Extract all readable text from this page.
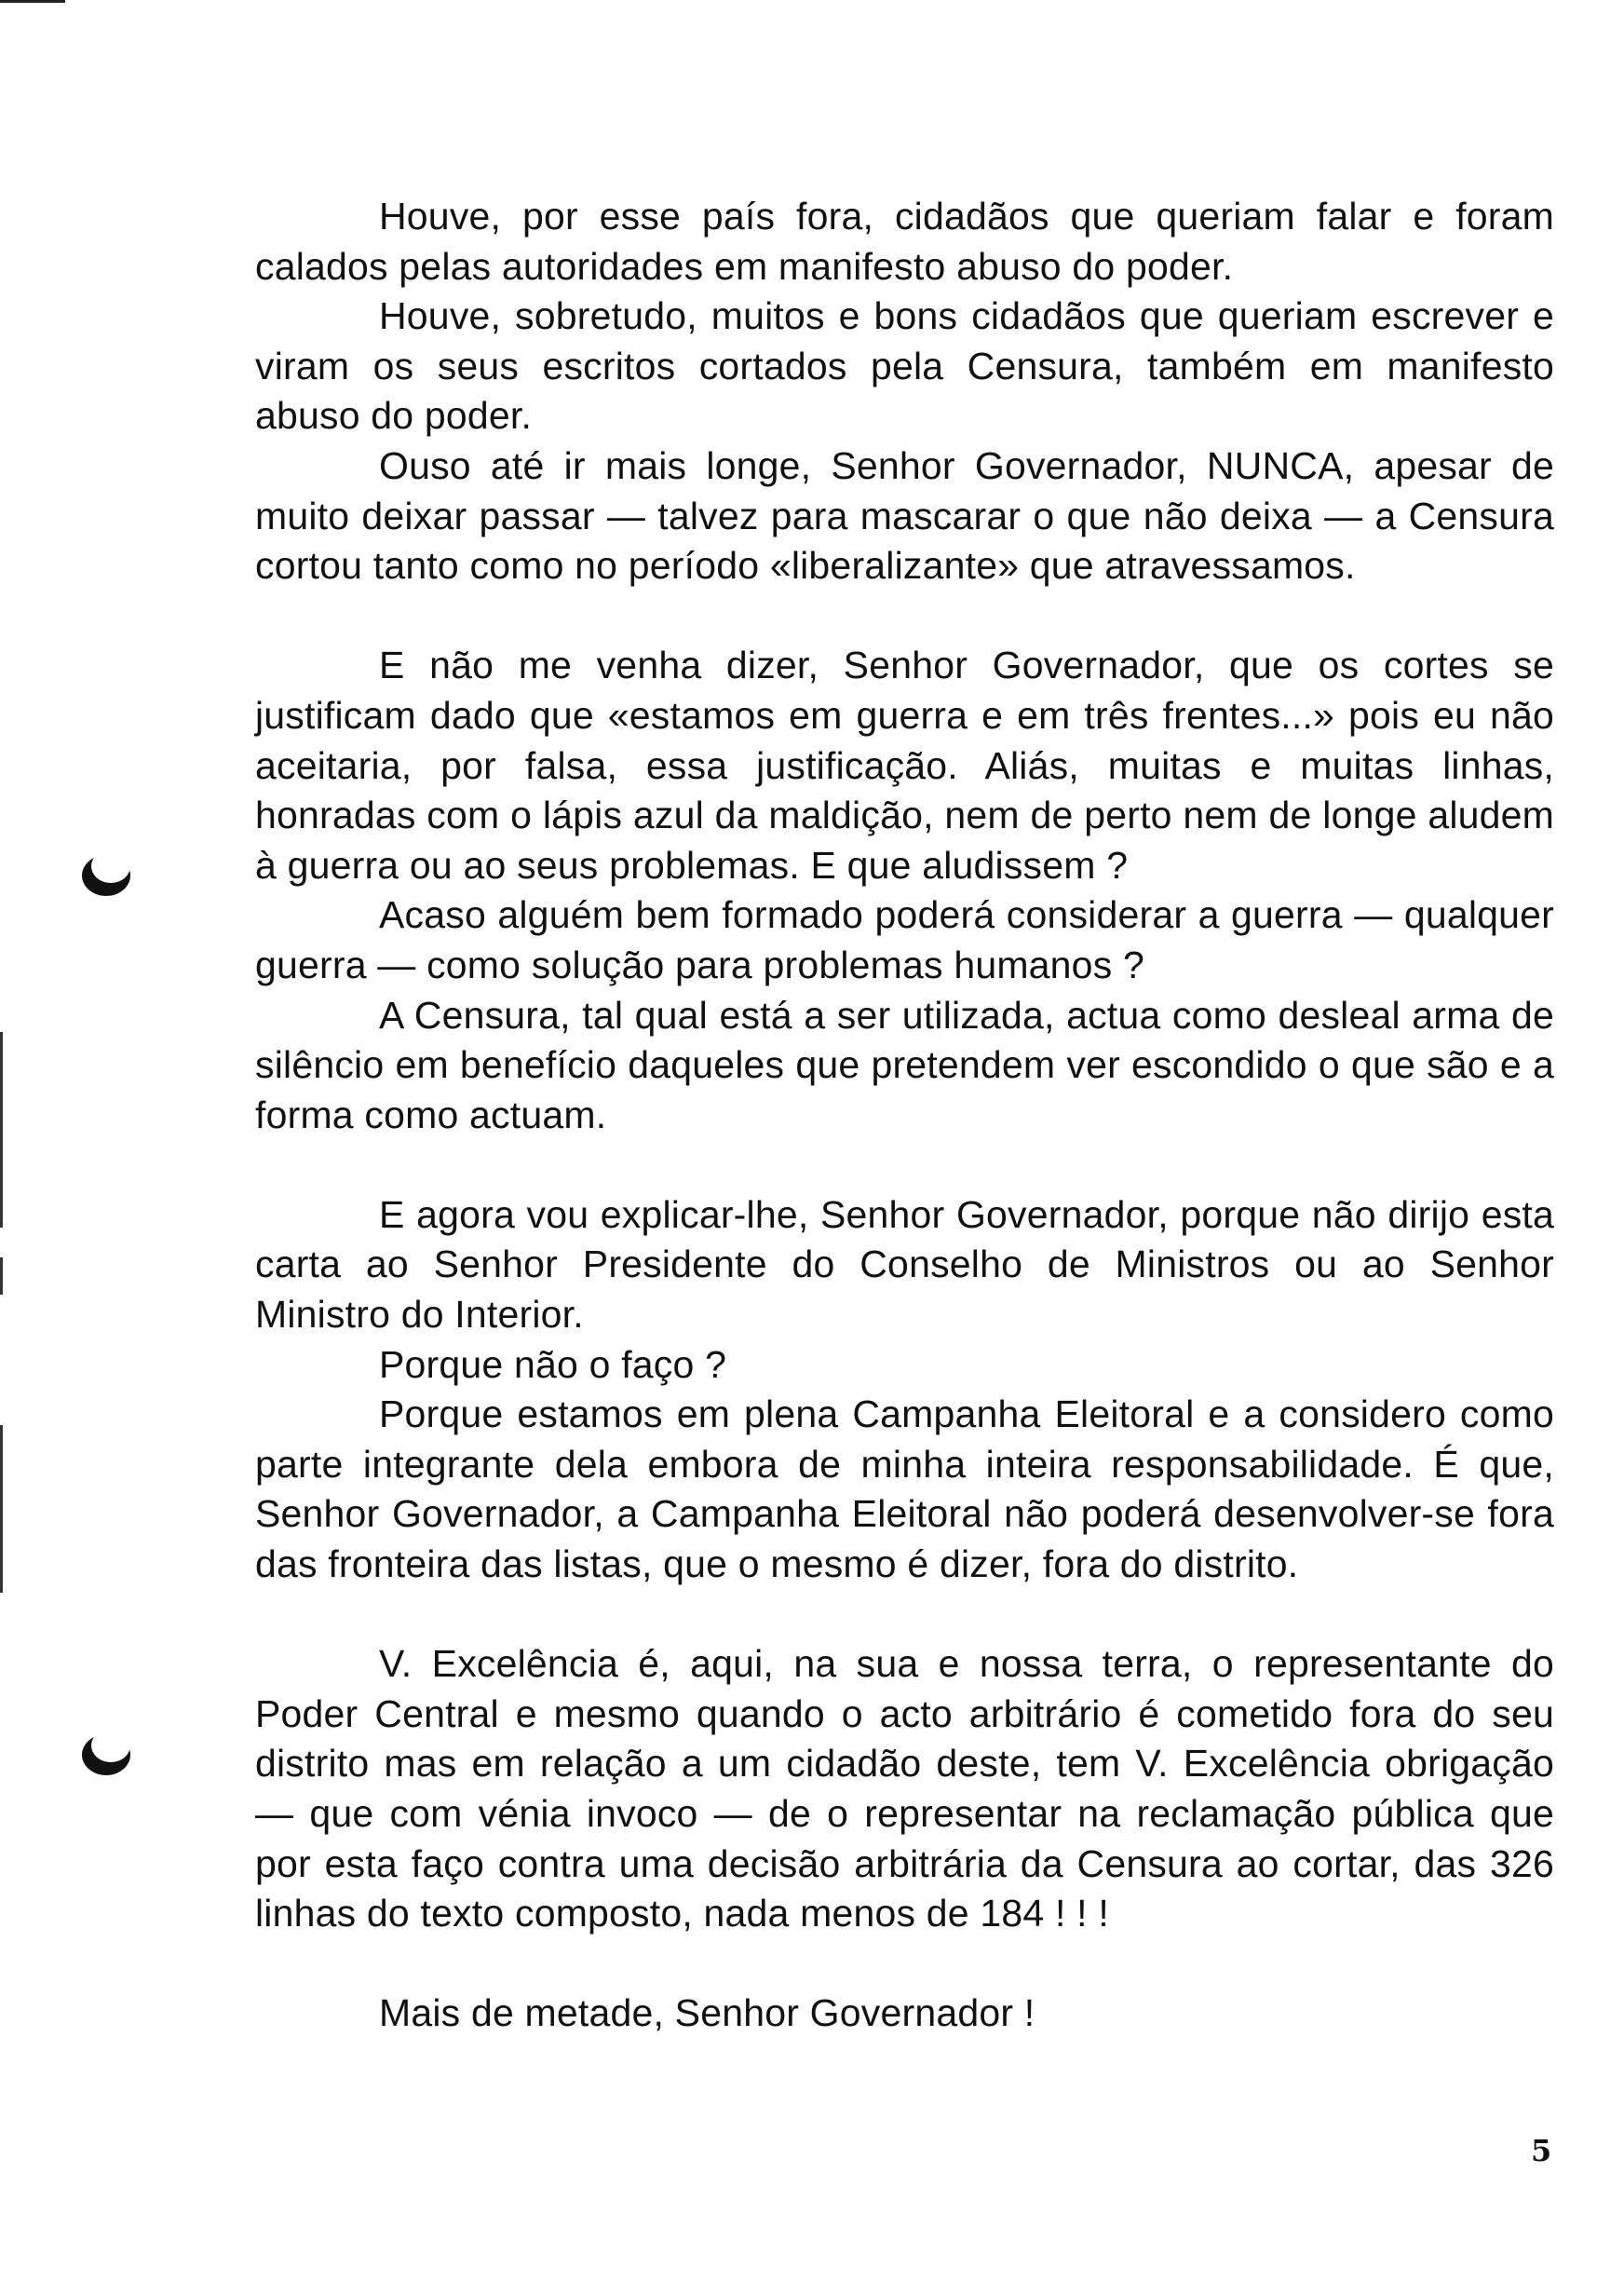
Houve, por esse país fora, cidadãos que queriam falar e foram calados pelas autoridades em manifesto abuso do poder.

Houve, sobretudo, muitos e bons cidadãos que queriam escrever e viram os seus escritos cortados pela Censura, também em manifesto abuso do poder.

Ouso até ir mais longe, Senhor Governador, NUNCA, apesar de muito deixar passar — talvez para mascarar o que não deixa — a Censura cortou tanto como no período «liberalizante» que atravessamos.

E não me venha dizer, Senhor Governador, que os cortes se justificam dado que «estamos em guerra e em três frentes...» pois eu não aceitaria, por falsa, essa justificação. Aliás, muitas e muitas linhas, honradas com o lápis azul da maldição, nem de perto nem de longe aludem à guerra ou ao seus problemas. E que aludissem ?

Acaso alguém bem formado poderá considerar a guerra — qualquer guerra — como solução para problemas humanos ?

A Censura, tal qual está a ser utilizada, actua como desleal arma de silêncio em benefício daqueles que pretendem ver escondido o que são e a forma como actuam.

E agora vou explicar-lhe, Senhor Governador, porque não dirijo esta carta ao Senhor Presidente do Conselho de Ministros ou ao Senhor Ministro do Interior.

Porque não o faço ?

Porque estamos em plena Campanha Eleitoral e a considero como parte integrante dela embora de minha inteira responsabilidade. É que, Senhor Governador, a Campanha Eleitoral não poderá desenvolver-se fora das fronteira das listas, que o mesmo é dizer, fora do distrito.

V. Excelência é, aqui, na sua e nossa terra, o representante do Poder Central e mesmo quando o acto arbitrário é cometido fora do seu distrito mas em relação a um cidadão deste, tem V. Excelência obrigação — que com vénia invoco — de o representar na reclamação pública que por esta faço contra uma decisão arbitrária da Censura ao cortar, das 326 linhas do texto composto, nada menos de 184 ! ! !

Mais de metade, Senhor Governador !

5
